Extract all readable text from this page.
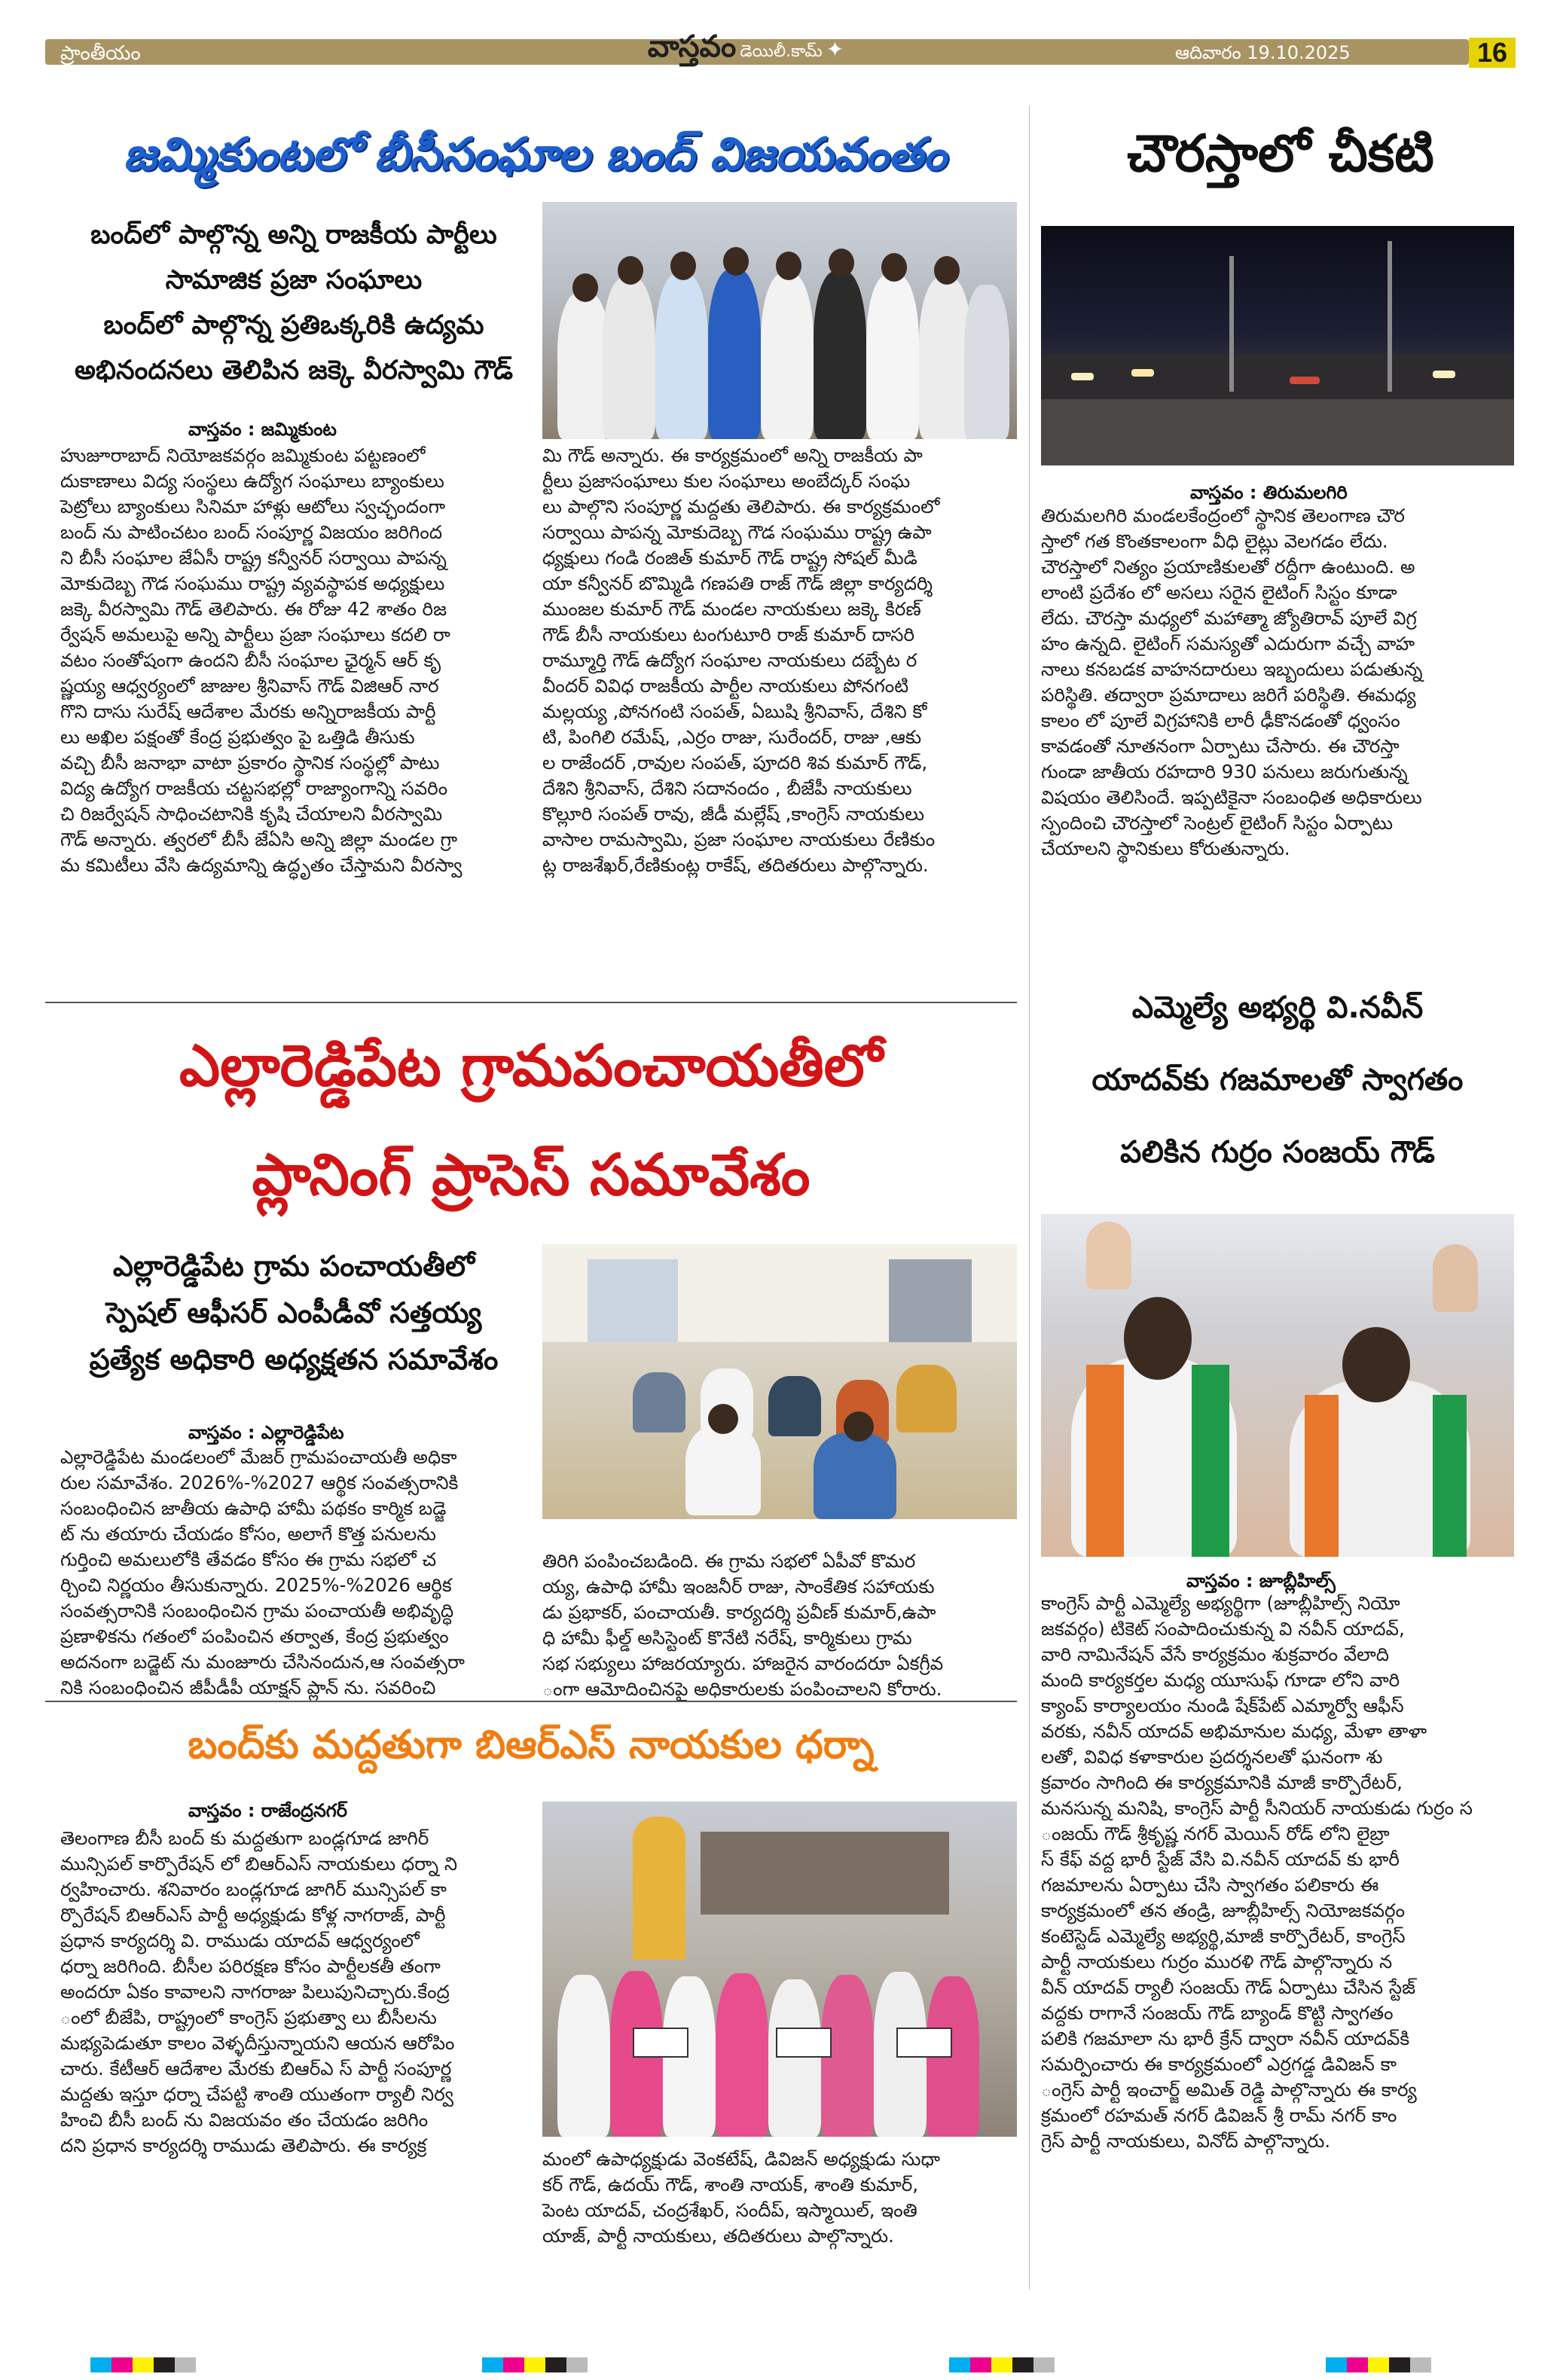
ప్రాంతీయం	వాస్తవం డెయిలీ.కామ్ ✦	ఆదివారం 19.10.2025	16
జమ్మికుంటలో బీసీసంఘాల బంద్ విజయవంతం
బంద్‌లో పాల్గొన్న అన్ని రాజకీయ పార్టీలు
సామాజిక ప్రజా సంఘాలు
బంద్‌లో పాల్గొన్న ప్రతిఒక్కరికి ఉద్యమ
అభినందనలు తెలిపిన జక్కె వీరస్వామి గౌడ్
వాస్తవం : జమ్మికుంట
హుజూరాబాద్ నియోజకవర్గం జమ్మికుంట పట్టణంలో
దుకాణాలు విద్య సంస్థలు ఉద్యోగ సంఘాలు బ్యాంకులు
పెట్రోలు బ్యాంకులు సినిమా హాళ్లు ఆటోలు స్వచ్ఛందంగా
బంద్ ను పాటించటం బంద్ సంపూర్ణ విజయం జరిగింద
ని బీసీ సంఘాల జేఏసీ రాష్ట్ర కన్వీనర్ సర్వాయి పాపన్న
మోకుదెబ్బ గౌడ సంఘము రాష్ట్ర వ్యవస్థాపక అధ్యక్షులు
జక్కె వీరస్వామి గౌడ్ తెలిపారు. ఈ రోజు 42 శాతం రిజ
ర్వేషన్ అమలుపై అన్ని పార్టీలు ప్రజా సంఘాలు కదలి రా
వటం సంతోషంగా ఉందని బీసీ సంఘాల ఛైర్మన్ ఆర్ కృ
ష్ణయ్య ఆధ్వర్యంలో జాజుల శ్రీనివాస్ గౌడ్ విజిఆర్ నార
గొని దాసు సురేష్ ఆదేశాల మేరకు అన్నిరాజకీయ పార్టీ
లు అఖిల పక్షంతో కేంద్ర ప్రభుత్వం పై ఒత్తిడి తీసుకు
వచ్చి బీసీ జనాభా వాటా ప్రకారం స్థానిక సంస్థల్లో పాటు
విద్య ఉద్యోగ రాజకీయ చట్టసభల్లో రాజ్యాంగాన్ని సవరిం
చి రిజర్వేషన్ సాధించటానికి కృషి చేయాలని వీరస్వామి
గౌడ్ అన్నారు. త్వరలో బీసీ జేఏసి అన్ని జిల్లా మండల గ్రా
మ కమిటీలు వేసి ఉద్యమాన్ని ఉద్ధృతం చేస్తామని వీరస్వా
మి గౌడ్ అన్నారు. ఈ కార్యక్రమంలో అన్ని రాజకీయ పా
ర్టీలు ప్రజాసంఘాలు కుల సంఘాలు అంబేద్కర్ సంఘ
లు పాల్గొని సంపూర్ణ మద్దతు తెలిపారు. ఈ కార్యక్రమంలో
సర్వాయి పాపన్న మోకుదెబ్బ గౌడ సంఘము రాష్ట్ర ఉపా
ధ్యక్షులు గండి రంజిత్ కుమార్ గౌడ్ రాష్ట్ర సోషల్ మీడి
యా కన్వీనర్ బొమ్మిడి గణపతి రాజ్ గౌడ్ జిల్లా కార్యదర్శి
ముంజల కుమార్ గౌడ్ మండల నాయకులు జక్కె కిరణ్
గౌడ్ బీసీ నాయకులు టంగుటూరి రాజ్ కుమార్ దాసరి
రామ్మూర్తి గౌడ్ ఉద్యోగ సంఘాల నాయకులు దబ్బేట ర
వీందర్ వివిధ రాజకీయ పార్టీల నాయకులు పోనగంటి
మల్లయ్య ,పోనగంటి సంపత్, ఏబుషి శ్రీనివాస్, దేశిని కో
టి, పింగిలి రమేష్, ,ఎర్రం రాజు, సురేందర్, రాజు ,ఆకు
ల రాజేందర్ ,రావుల సంపత్, పూదరి శివ కుమార్ గౌడ్,
దేశిని శ్రీనివాస్, దేశిని సదానందం , బీజేపీ నాయకులు
కొల్లూరి సంపత్ రావు, జీడీ మల్లేష్ ,కాంగ్రెస్ నాయకులు
వాసాల రామస్వామి, ప్రజా సంఘాల నాయకులు రేణికుం
ట్ల రాజశేఖర్,రేణికుంట్ల రాకేష్, తదితరులు పాల్గొన్నారు.
ఎల్లారెడ్డిపేట గ్రామపంచాయతీలో
ప్లానింగ్ ప్రాసెస్ సమావేశం
ఎల్లారెడ్డిపేట గ్రామ పంచాయతీలో
స్పెషల్ ఆఫీసర్ ఎంపీడీవో సత్తయ్య
ప్రత్యేక అధికారి అధ్యక్షతన సమావేశం
వాస్తవం : ఎల్లారెడ్డిపేట
ఎల్లారెడ్డిపేట మండలంలో మేజర్ గ్రామపంచాయతీ అధికా
రుల సమావేశం. 2026%-%2027 ఆర్థిక సంవత్సరానికి
సంబంధించిన జాతీయ ఉపాధి హామీ పథకం కార్మిక బడ్జె
ట్ ను తయారు చేయడం కోసం, అలాగే కొత్త పనులను
గుర్తించి అమలులోకి తేవడం కోసం ఈ గ్రామ సభలో చ
ర్చించి నిర్ణయం తీసుకున్నారు. 2025%-%2026 ఆర్థిక
సంవత్సరానికి సంబంధించిన గ్రామ పంచాయతీ అభివృద్ధి
ప్రణాళికను గతంలో పంపించిన తర్వాత, కేంద్ర ప్రభుత్వం
అదనంగా బడ్జెట్ ను మంజూరు చేసినందున,ఆ సంవత్సరా
నికి సంబంధించిన జీపీడీపీ యాక్షన్ ప్లాన్ ను. సవరించి
తిరిగి పంపించబడింది. ఈ గ్రామ సభలో ఏపీవో కొమర
య్య, ఉపాధి హామీ ఇంజనీర్ రాజు, సాంకేతిక సహాయకు
డు ప్రభాకర్, పంచాయతీ. కార్యదర్శి ప్రవీణ్ కుమార్,ఉపా
ధి హామీ ఫీల్డ్ అసిస్టెంట్ కొనేటి నరేష్, కార్మికులు గ్రామ
సభ సభ్యులు హాజరయ్యారు. హాజరైన వారందరూ ఏకగ్రీవ
ంగా ఆమోదించినపై అధికారులకు పంపించాలని కోరారు.
బంద్‌కు మద్దతుగా బిఆర్ఎస్ నాయకుల ధర్నా
వాస్తవం : రాజేంద్రనగర్
తెలంగాణ బీసీ బంద్ కు మద్దతుగా బండ్లగూడ జాగిర్
మున్సిపల్ కార్పొరేషన్ లో బిఆర్ఎస్ నాయకులు ధర్నా ని
ర్వహించారు. శనివారం బండ్లగూడ జాగిర్ మున్సిపల్ కా
ర్పొరేషన్ బిఆర్ఎస్ పార్టీ అధ్యక్షుడు కోళ్ల నాగరాజ్, పార్టీ
ప్రధాన కార్యదర్శి వి. రాముడు యాదవ్ ఆధ్వర్యంలో
ధర్నా జరిగింది. బీసీల పరిరక్షణ కోసం పార్టీలకతీ తంగా
అందరూ ఏకం కావాలని నాగరాజు పిలుపునిచ్చారు.కేంద్ర
ంలో బీజేపి, రాష్ట్రంలో కాంగ్రెస్ ప్రభుత్వా లు బీసీలను
మభ్యపెడుతూ కాలం వెళ్ళదీస్తున్నాయని ఆయన ఆరోపిం
చారు. కేటీఆర్ ఆదేశాల మేరకు బిఆర్ఎ స్ పార్టీ సంపూర్ణ
మద్దతు ఇస్తూ ధర్నా చేపట్టి శాంతి యుతంగా ర్యాలీ నిర్వ
హించి బీసీ బంద్ ను విజయవం తం చేయడం జరిగిం
దని ప్రధాన కార్యదర్శి రాముడు తెలిపారు. ఈ కార్యక్ర
మంలో ఉపాధ్యక్షుడు వెంకటేష్, డివిజన్ అధ్యక్షుడు సుధా
కర్ గౌడ్, ఉదయ్ గౌడ్, శాంతి నాయక్, శాంతి కుమార్,
పెంట యాదవ్, చంద్రశేఖర్, సందీప్, ఇస్మాయిల్, ఇంతి
యాజ్, పార్టీ నాయకులు, తదితరులు పాల్గొన్నారు.
చౌరస్తాలో చీకటి
వాస్తవం : తిరుమలగిరి
తిరుమలగిరి మండలకేంద్రంలో స్థానిక తెలంగాణ చౌర
స్తాలో గత కొంతకాలంగా వీధి లైట్లు వెలగడం లేదు.
చౌరస్తాలో నిత్యం ప్రయాణికులతో రద్దీగా ఉంటుంది. అ
లాంటి ప్రదేశం లో అసలు సరైన లైటింగ్ సిస్టం కూడా
లేదు. చౌరస్తా మధ్యలో మహాత్మా జ్యోతిరావ్ పూలే విగ్ర
హం ఉన్నది. లైటింగ్ సమస్యతో ఎదురుగా వచ్చే వాహ
నాలు కనబడక వాహనదారులు ఇబ్బందులు పడుతున్న
పరిస్థితి. తద్వారా ప్రమాదాలు జరిగే పరిస్థితి. ఈమధ్య
కాలం లో పూలే విగ్రహానికి లారీ ఢీకొనడంతో ధ్వంసం
కావడంతో నూతనంగా ఏర్పాటు చేసారు. ఈ చౌరస్తా
గుండా జాతీయ రహదారి 930 పనులు జరుగుతున్న
విషయం తెలిసిందే. ఇప్పటికైనా సంబంధిత అధికారులు
స్పందించి చౌరస్తాలో సెంట్రల్ లైటింగ్ సిస్టం ఏర్పాటు
చేయాలని స్థానికులు కోరుతున్నారు.
ఎమ్మెల్యే అభ్యర్థి వి.నవీన్
యాదవ్‌కు గజమాలతో స్వాగతం
పలికిన గుర్రం సంజయ్ గౌడ్
వాస్తవం : జూబ్లీహిల్స్
కాంగ్రెస్ పార్టీ ఎమ్మెల్యే అభ్యర్థిగా (జూబ్లీహిల్స్ నియో
జకవర్గం) టికెట్ సంపాదించుకున్న వి నవీన్ యాదవ్,
వారి నామినేషన్ వేసే కార్యక్రమం శుక్రవారం వేలాది
మంది కార్యకర్తల మధ్య యూసుఫ్ గూడా లోని వారి
క్యాంప్ కార్యాలయం నుండి షేక్‌పేట్ ఎమ్మార్వో ఆఫీస్
వరకు, నవీన్ యాదవ్ అభిమానుల మధ్య, మేళా తాళా
లతో, వివిధ కళాకారుల ప్రదర్శనలతో ఘనంగా శు
క్రవారం సాగింది ఈ కార్యక్రమానికి మాజీ కార్పొరేటర్,
మనసున్న మనిషి, కాంగ్రెస్ పార్టీ సీనియర్ నాయకుడు గుర్రం స
ంజయ్ గౌడ్ శ్రీకృష్ణ నగర్ మెయిన్ రోడ్ లోని లైబ్రా
స్ కేఫ్ వద్ద భారీ స్టేజ్ వేసి వి.నవీన్ యాదవ్ కు భారీ
గజమాలను ఏర్పాటు చేసి స్వాగతం పలికారు ఈ
కార్యక్రమంలో తన తండ్రి, జూబ్లీహిల్స్ నియోజకవర్గం
కంటెస్టెడ్ ఎమ్మెల్యే అభ్యర్థి,మాజీ కార్పొరేటర్, కాంగ్రెస్
పార్టీ నాయకులు గుర్రం మురళి గౌడ్ పాల్గొన్నారు న
వీన్ యాదవ్ ర్యాలీ సంజయ్ గౌడ్ ఏర్పాటు చేసిన స్టేజ్
వద్దకు రాగానే సంజయ్ గౌడ్ బ్యాండ్ కొట్టి స్వాగతం
పలికి గజమాలా ను భారీ క్రేన్ ద్వారా నవీన్ యాదవ్‌కి
సమర్పించారు ఈ కార్యక్రమంలో ఎర్రగడ్డ డివిజన్ కా
ంగ్రెస్ పార్టీ ఇంచార్జ్ అమిత్ రెడ్డి పాల్గొన్నారు ఈ కార్య
క్రమంలో రహమత్ నగర్ డివిజన్ శ్రీ రామ్ నగర్ కాం
గ్రెస్ పార్టీ నాయకులు, వినోద్ పాల్గొన్నారు.
